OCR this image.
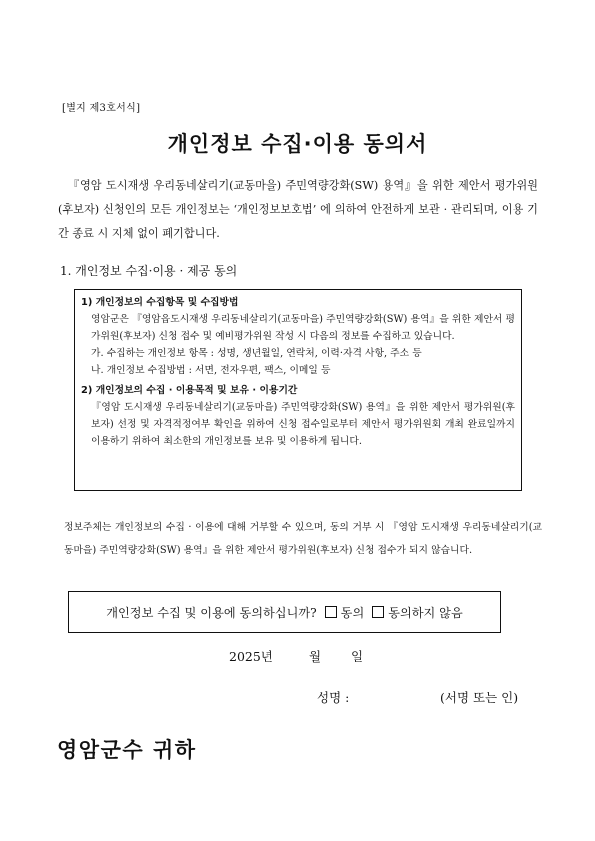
[별지 제3호서식]
개인정보 수집·이용 동의서
『영암 도시재생 우리동네살리기(교동마을) 주민역량강화(SW) 용역』을 위한 제안서 평가위원(후보자) 신청인의 모든 개인정보는 ‘개인정보보호법’ 에 의하여 안전하게 보관 · 관리되며, 이용 기간 종료 시 지체 없이 폐기합니다.
1. 개인정보 수집·이용 · 제공 동의
1) 개인정보의 수집항목 및 수집방법
영암군은 『영암읍도시재생 우리동네살리기(교동마을) 주민역량강화(SW) 용역』을 위한 제안서 평가위원(후보자) 신청 접수 및 예비평가위원 작성 시 다음의 정보를 수집하고 있습니다.
가. 수집하는 개인정보 항목 : 성명, 생년월일, 연락처, 이력·자격 사항, 주소 등
나. 개인정보 수집방법 : 서면, 전자우편, 팩스, 이메일 등
2) 개인정보의 수집 · 이용목적 및 보유 · 이용기간
『영암 도시재생 우리동네살리기(교동마을) 주민역량강화(SW) 용역』을 위한 제안서 평가위원(후보자) 선정 및 자격적정여부 확인을 위하여 신청 접수일로부터 제안서 평가위원회 개최 완료일까지 이용하기 위하여 최소한의 개인정보를 보유 및 이용하게 됩니다.
정보주체는 개인정보의 수집 · 이용에 대해 거부할 수 있으며, 동의 거부 시 『영암 도시재생 우리동네살리기(교동마을) 주민역량강화(SW) 용역』을 위한 제안서 평가위원(후보자) 신청 접수가 되지 않습니다.
개인정보 수집 및 이용에 동의하십니까? 동의 동의하지 않음
2025년	월 일
성명 :	(서명 또는 인)
영암군수 귀하
